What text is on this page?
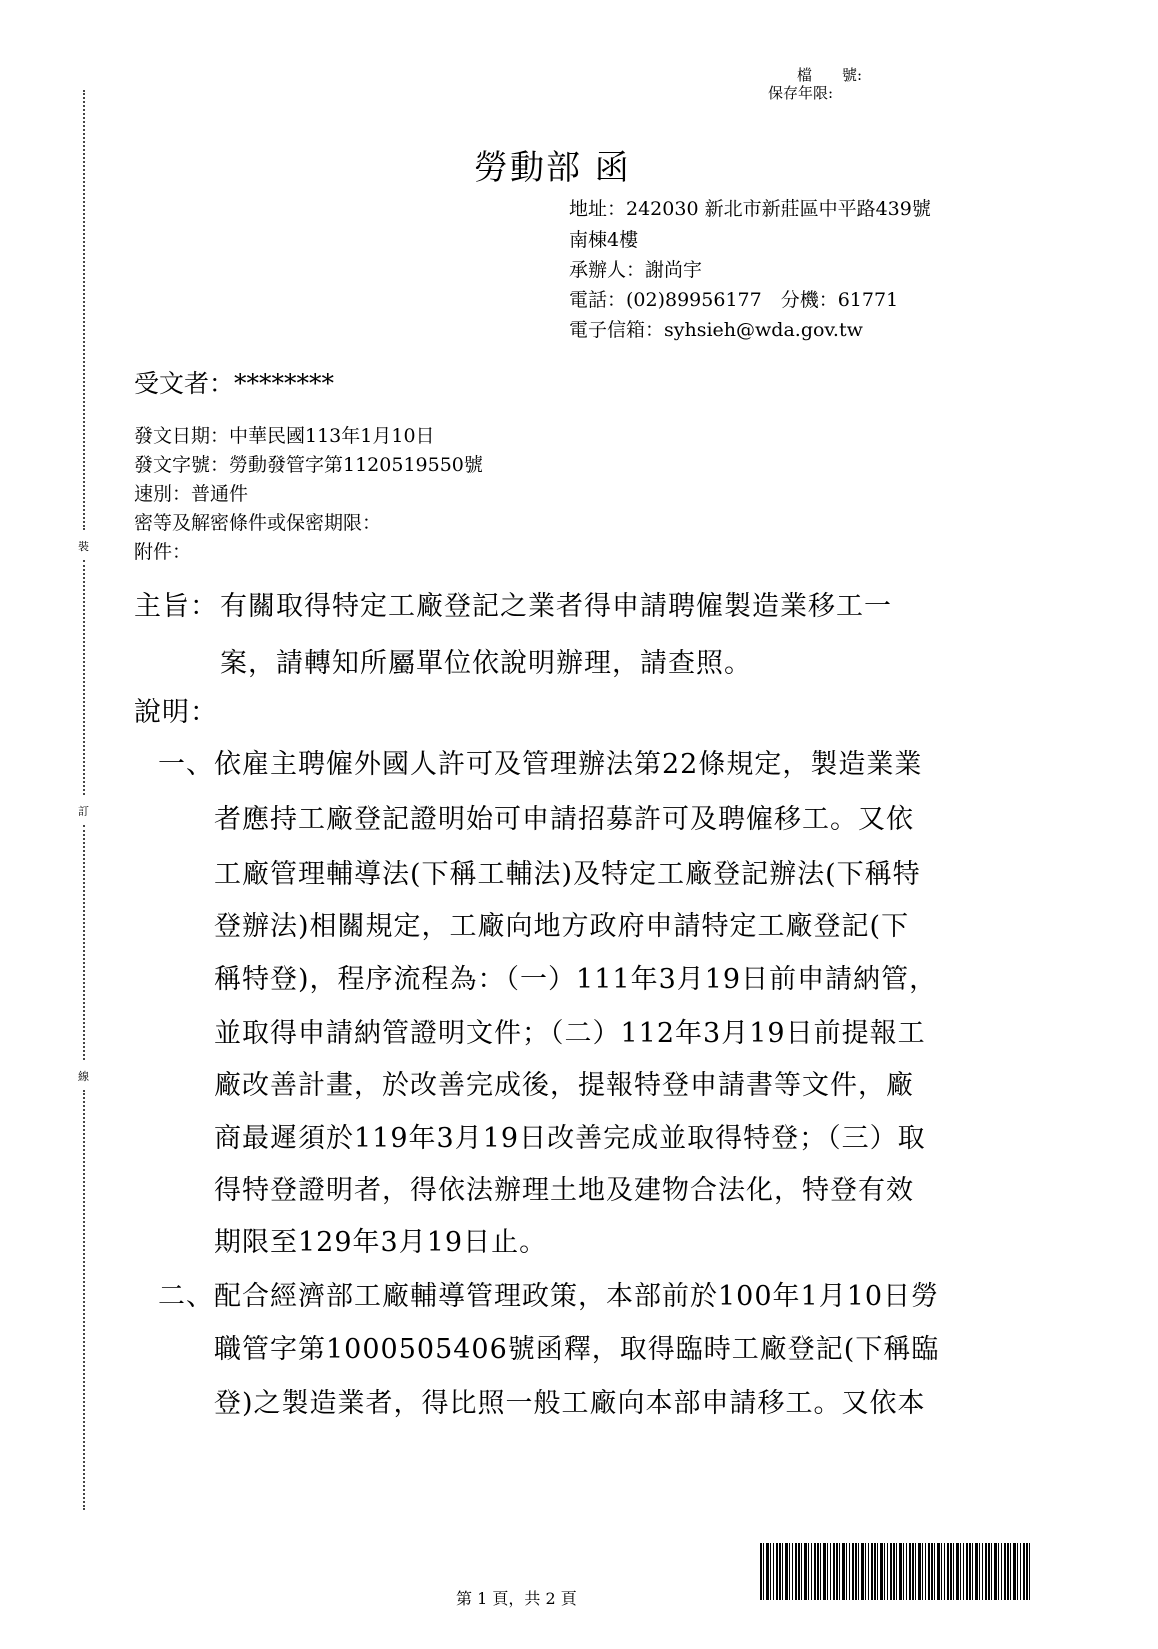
裝
訂
線
檔　　號:
保存年限:
勞動部 函
地址：242030 新北市新莊區中平路439號
南棟4樓
承辦人：謝尚宇
電話：(02)89956177　分機：61771
電子信箱：syhsieh@wda.gov.tw
受文者：********
發文日期：中華民國113年1月10日
發文字號：勞動發管字第1120519550號
速別：普通件
密等及解密條件或保密期限：
附件：
主旨： 有關取得特定工廠登記之業者得申請聘僱製造業移工一
案，請轉知所屬單位依說明辦理，請查照。
說明：
一、 依雇主聘僱外國人許可及管理辦法第22條規定，製造業業
者應持工廠登記證明始可申請招募許可及聘僱移工。又依
工廠管理輔導法(下稱工輔法)及特定工廠登記辦法(下稱特
登辦法)相關規定，工廠向地方政府申請特定工廠登記(下
稱特登)，程序流程為：（一）111年3月19日前申請納管，
並取得申請納管證明文件；（二）112年3月19日前提報工
廠改善計畫，於改善完成後，提報特登申請書等文件，廠
商最遲須於119年3月19日改善完成並取得特登；（三）取
得特登證明者，得依法辦理土地及建物合法化，特登有效
期限至129年3月19日止。
二、 配合經濟部工廠輔導管理政策，本部前於100年1月10日勞
職管字第1000505406號函釋，取得臨時工廠登記(下稱臨
登)之製造業者，得比照一般工廠向本部申請移工。又依本
第 1 頁，共 2 頁
